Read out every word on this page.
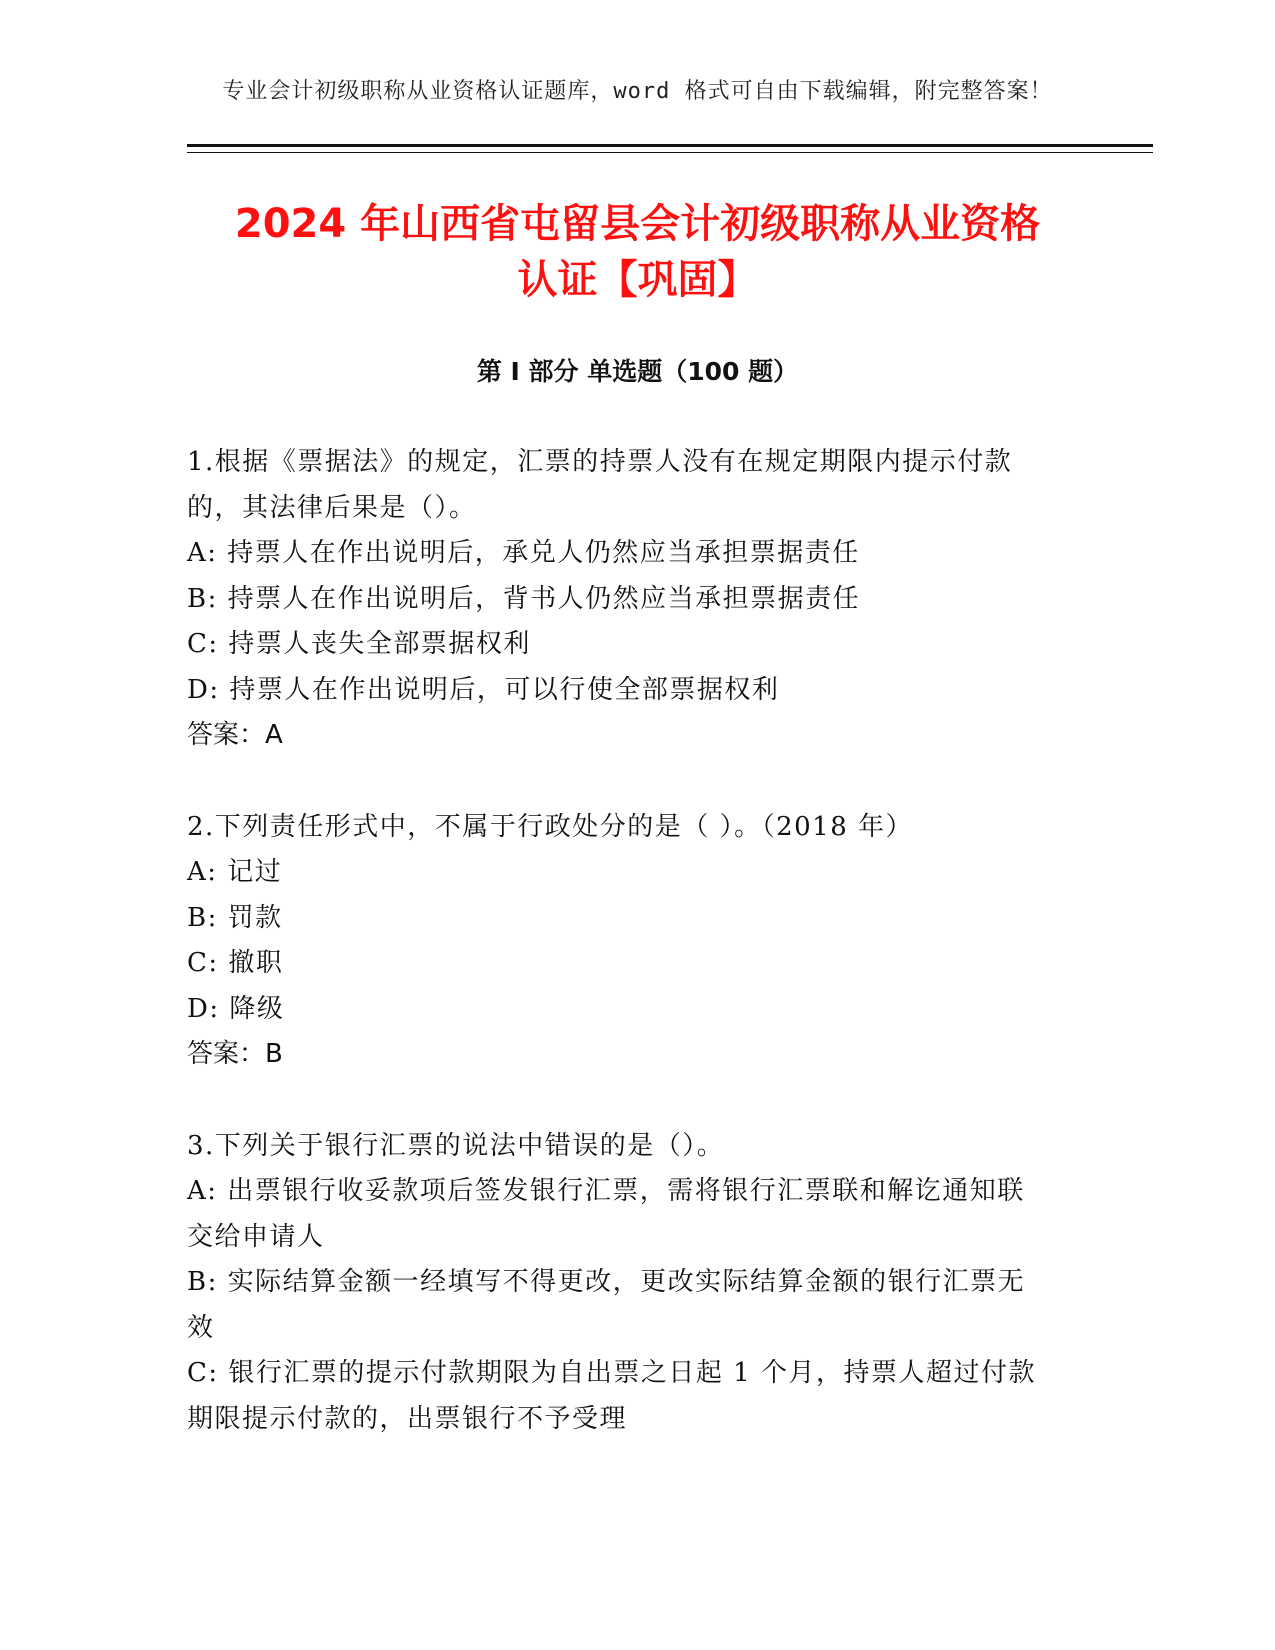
专业会计初级职称从业资格认证题库，word 格式可自由下载编辑，附完整答案！
2024 年山西省屯留县会计初级职称从业资格
认证【巩固】
第 I 部分 单选题（100 题）
1.根据《票据法》的规定，汇票的持票人没有在规定期限内提示付款
的，其法律后果是（）。
A: 持票人在作出说明后，承兑人仍然应当承担票据责任
B: 持票人在作出说明后，背书人仍然应当承担票据责任
C: 持票人丧失全部票据权利
D: 持票人在作出说明后，可以行使全部票据权利
答案：A
2.下列责任形式中，不属于行政处分的是（ ）。（2018 年）
A: 记过
B: 罚款
C: 撤职
D: 降级
答案：B
3.下列关于银行汇票的说法中错误的是（）。
A: 出票银行收妥款项后签发银行汇票，需将银行汇票联和解讫通知联
交给申请人
B: 实际结算金额一经填写不得更改，更改实际结算金额的银行汇票无
效
C: 银行汇票的提示付款期限为自出票之日起 1 个月，持票人超过付款
期限提示付款的，出票银行不予受理
